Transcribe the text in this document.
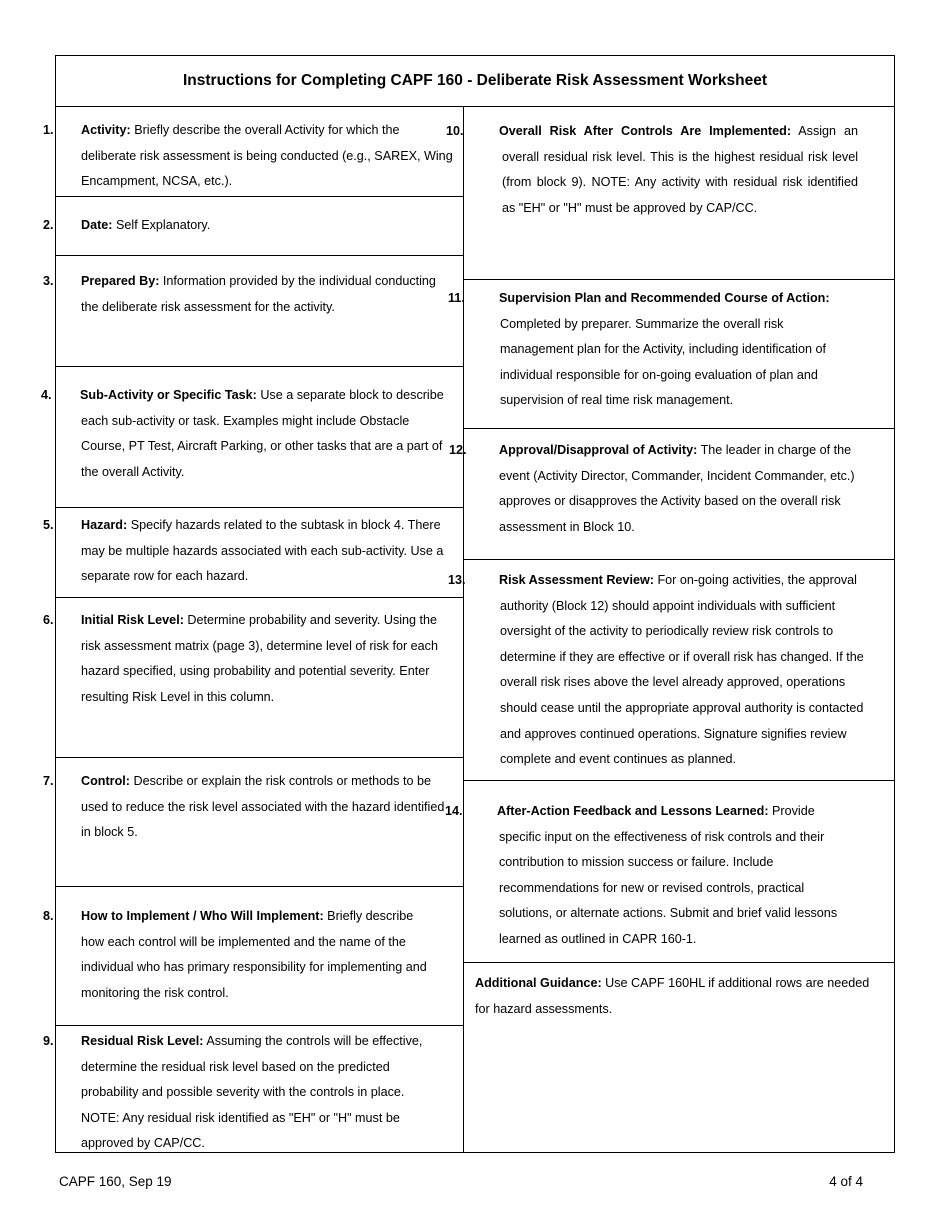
Instructions for Completing CAPF 160 - Deliberate Risk Assessment Worksheet

1. Activity: Briefly describe the overall Activity for which the deliberate risk assessment is being conducted (e.g., SAREX, Wing Encampment, NCSA, etc.).

2. Date: Self Explanatory.

3. Prepared By: Information provided by the individual conducting the deliberate risk assessment for the activity.

4. Sub-Activity or Specific Task: Use a separate block to describe each sub-activity or task. Examples might include Obstacle Course, PT Test, Aircraft Parking, or other tasks that are a part of the overall Activity.

5. Hazard: Specify hazards related to the subtask in block 4. There may be multiple hazards associated with each sub-activity. Use a separate row for each hazard.

6. Initial Risk Level: Determine probability and severity. Using the risk assessment matrix (page 3), determine level of risk for each hazard specified, using probability and potential severity. Enter resulting Risk Level in this column.

7. Control: Describe or explain the risk controls or methods to be used to reduce the risk level associated with the hazard identified in block 5.

8. How to Implement / Who Will Implement: Briefly describe how each control will be implemented and the name of the individual who has primary responsibility for implementing and monitoring the risk control.

9. Residual Risk Level: Assuming the controls will be effective, determine the residual risk level based on the predicted probability and possible severity with the controls in place. NOTE: Any residual risk identified as "EH" or "H" must be approved by CAP/CC.

10.	Overall Risk After Controls Are Implemented: Assign an overall residual risk level. This is the highest residual risk level (from block 9). NOTE: Any activity with residual risk identified as "EH" or "H" must be approved by CAP/CC.

11.	Supervision Plan and Recommended Course of Action: Completed by preparer. Summarize the overall risk management plan for the Activity, including identification of individual responsible for on-going evaluation of plan and supervision of real time risk management.

12.	Approval/Disapproval of Activity: The leader in charge of the event (Activity Director, Commander, Incident Commander, etc.) approves or disapproves the Activity based on the overall risk assessment in Block 10.

13.	Risk Assessment Review: For on-going activities, the approval authority (Block 12) should appoint individuals with sufficient oversight of the activity to periodically review risk controls to determine if they are effective or if overall risk has changed. If the overall risk rises above the level already approved, operations should cease until the appropriate approval authority is contacted and approves continued operations. Signature signifies review complete and event continues as planned.

14.	After-Action Feedback and Lessons Learned: Provide specific input on the effectiveness of risk controls and their contribution to mission success or failure. Include recommendations for new or revised controls, practical solutions, or alternate actions. Submit and brief valid lessons learned as outlined in CAPR 160-1.

Additional Guidance: Use CAPF 160HL if additional rows are needed for hazard assessments.

CAPF 160, Sep 19	4 of 4
